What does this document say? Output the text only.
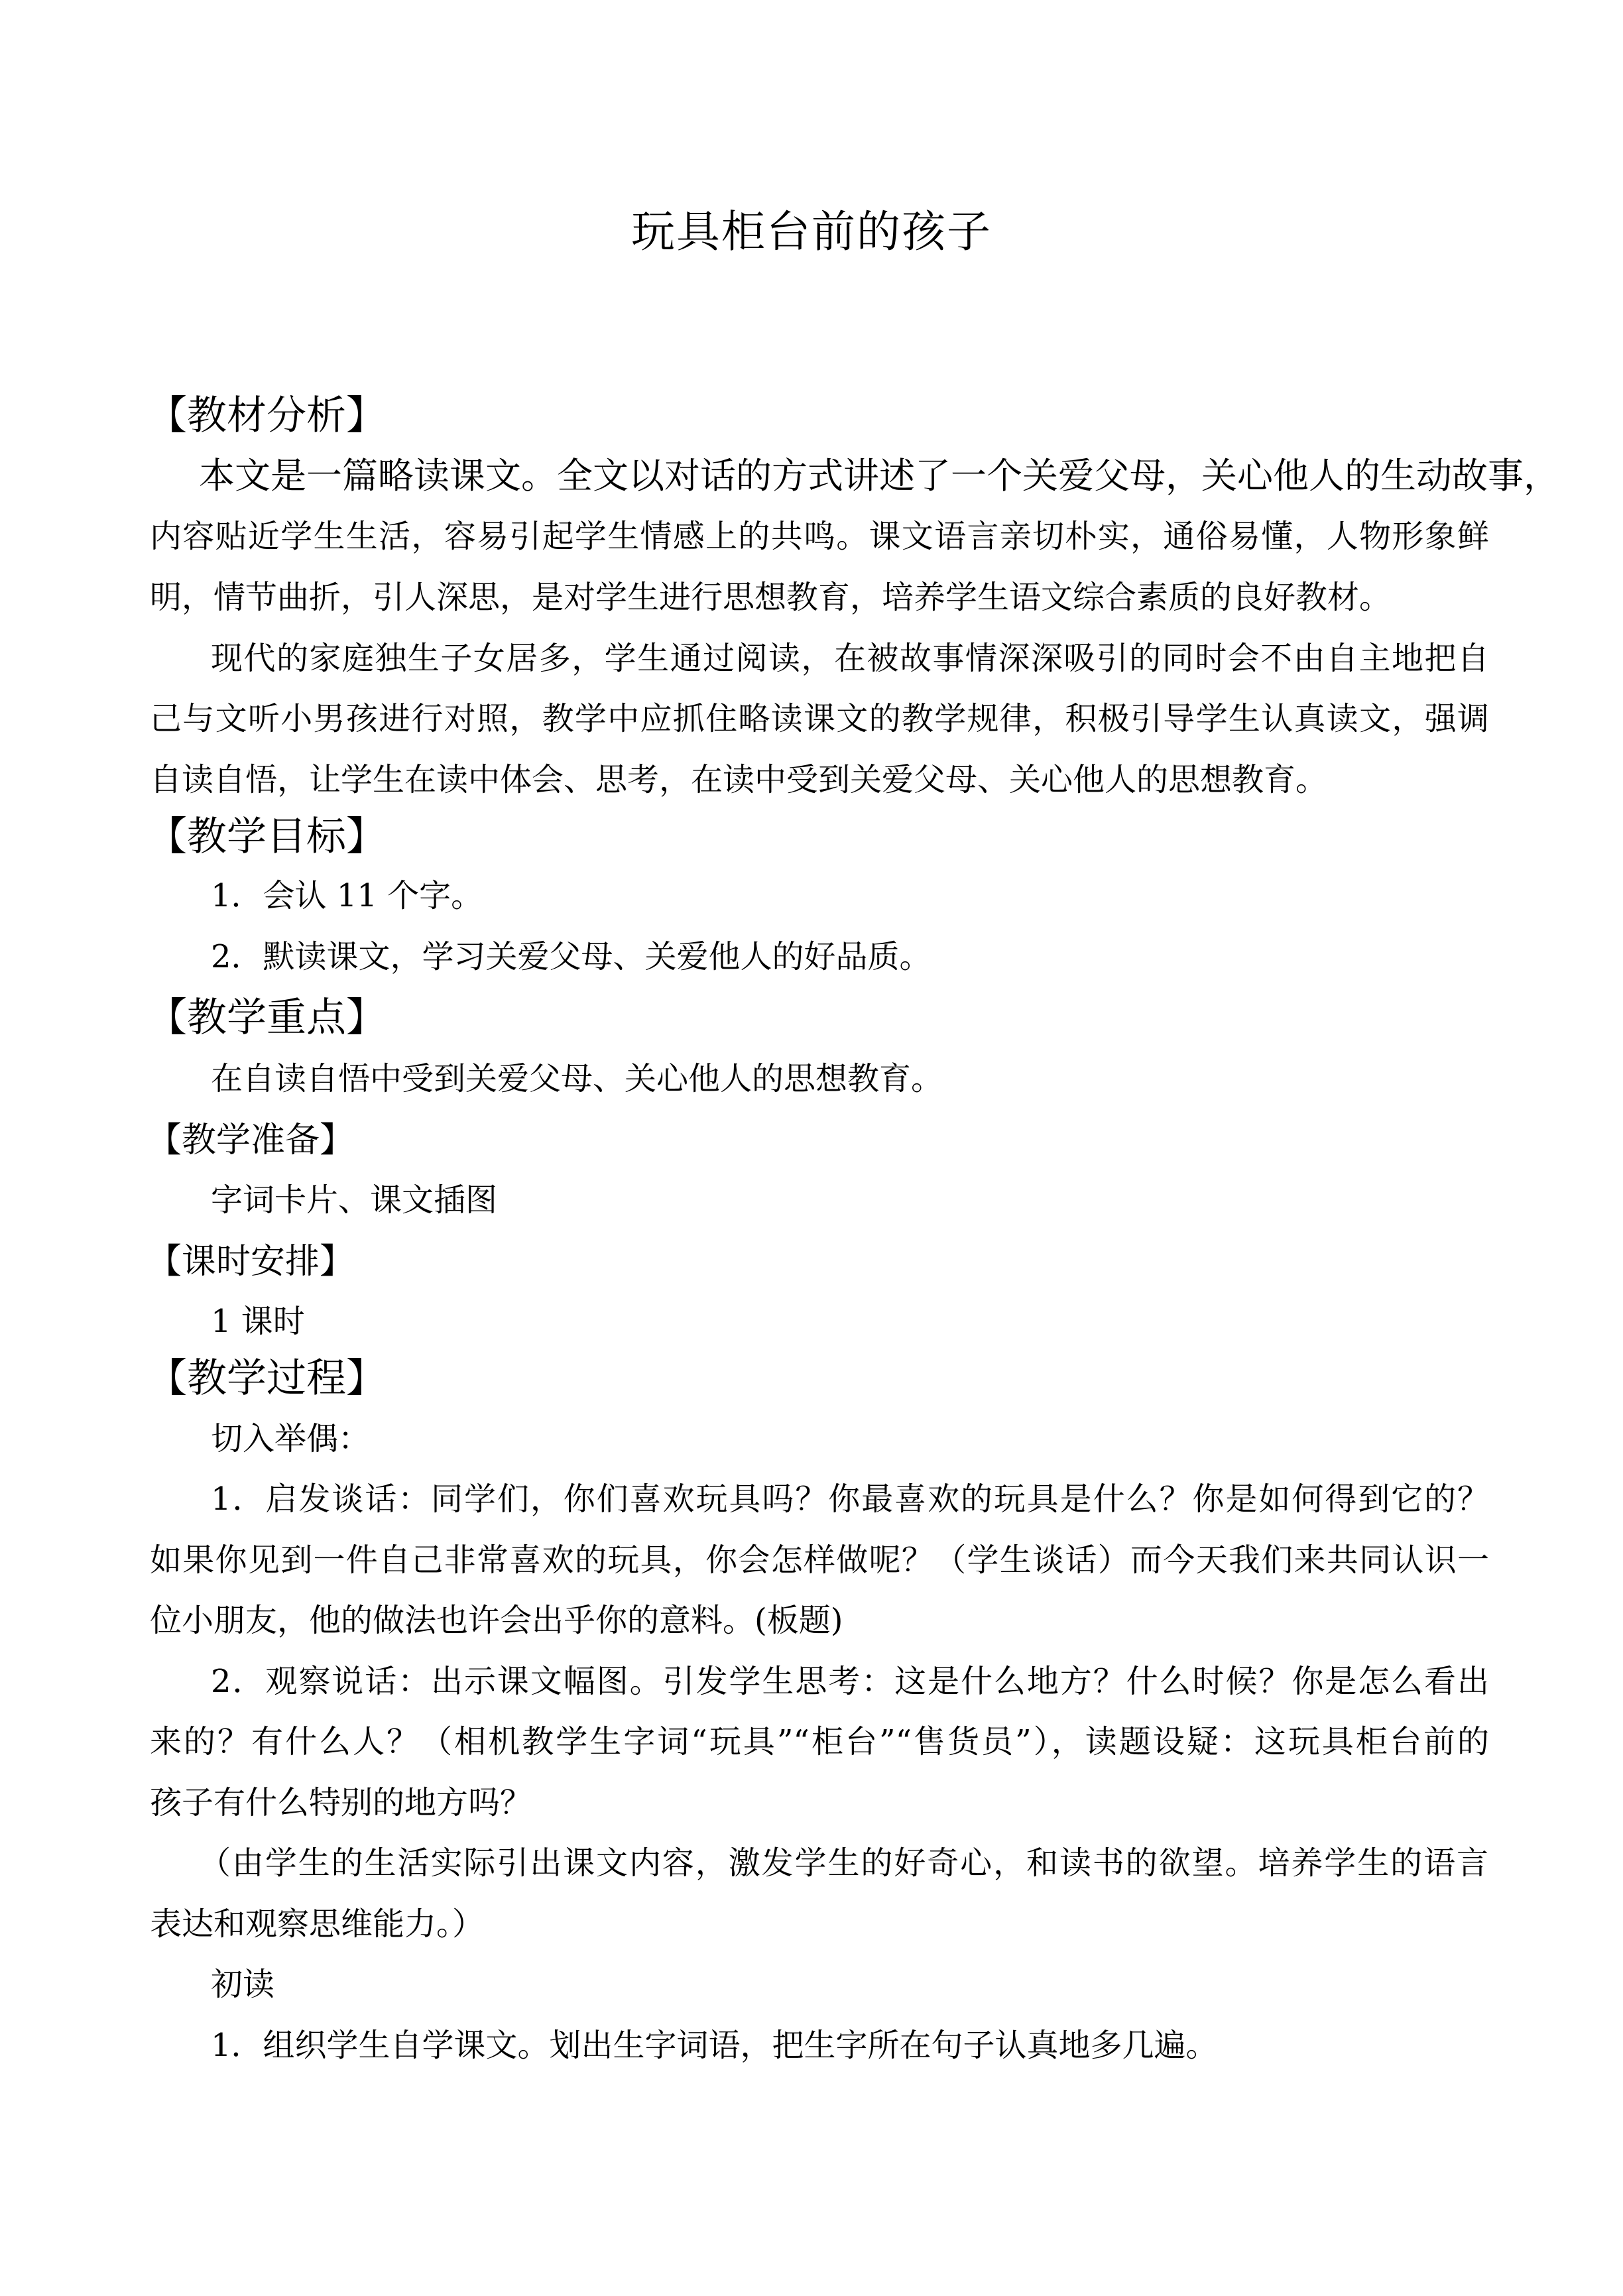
玩具柜台前的孩子
【教材分析】
本文是一篇略读课文。全文以对话的方式讲述了一个关爱父母，关心他人的生动故事，
内容贴近学生生活，容易引起学生情感上的共鸣。课文语言亲切朴实，通俗易懂，人物形象鲜
明，情节曲折，引人深思，是对学生进行思想教育，培养学生语文综合素质的良好教材。
现代的家庭独生子女居多，学生通过阅读，在被故事情深深吸引的同时会不由自主地把自
己与文听小男孩进行对照，教学中应抓住略读课文的教学规律，积极引导学生认真读文，强调
自读自悟，让学生在读中体会、思考，在读中受到关爱父母、关心他人的思想教育。
【教学目标】
1．会认 11 个字。
2．默读课文，学习关爱父母、关爱他人的好品质。
【教学重点】
在自读自悟中受到关爱父母、关心他人的思想教育。
【教学准备】
字词卡片、课文插图
【课时安排】
1 课时
【教学过程】
切入举偶：
1．启发谈话：同学们，你们喜欢玩具吗？你最喜欢的玩具是什么？你是如何得到它的？
如果你见到一件自己非常喜欢的玩具，你会怎样做呢？（学生谈话）而今天我们来共同认识一
位小朋友，他的做法也许会出乎你的意料。(板题)
2．观察说话：出示课文幅图。引发学生思考：这是什么地方？什么时候？你是怎么看出
来的？有什么人？（相机教学生字词“玩具”“柜台”“售货员”），读题设疑：这玩具柜台前的
孩子有什么特别的地方吗？
（由学生的生活实际引出课文内容，激发学生的好奇心，和读书的欲望。培养学生的语言
表达和观察思维能力。）
初读
1．组织学生自学课文。划出生字词语，把生字所在句子认真地多几遍。
